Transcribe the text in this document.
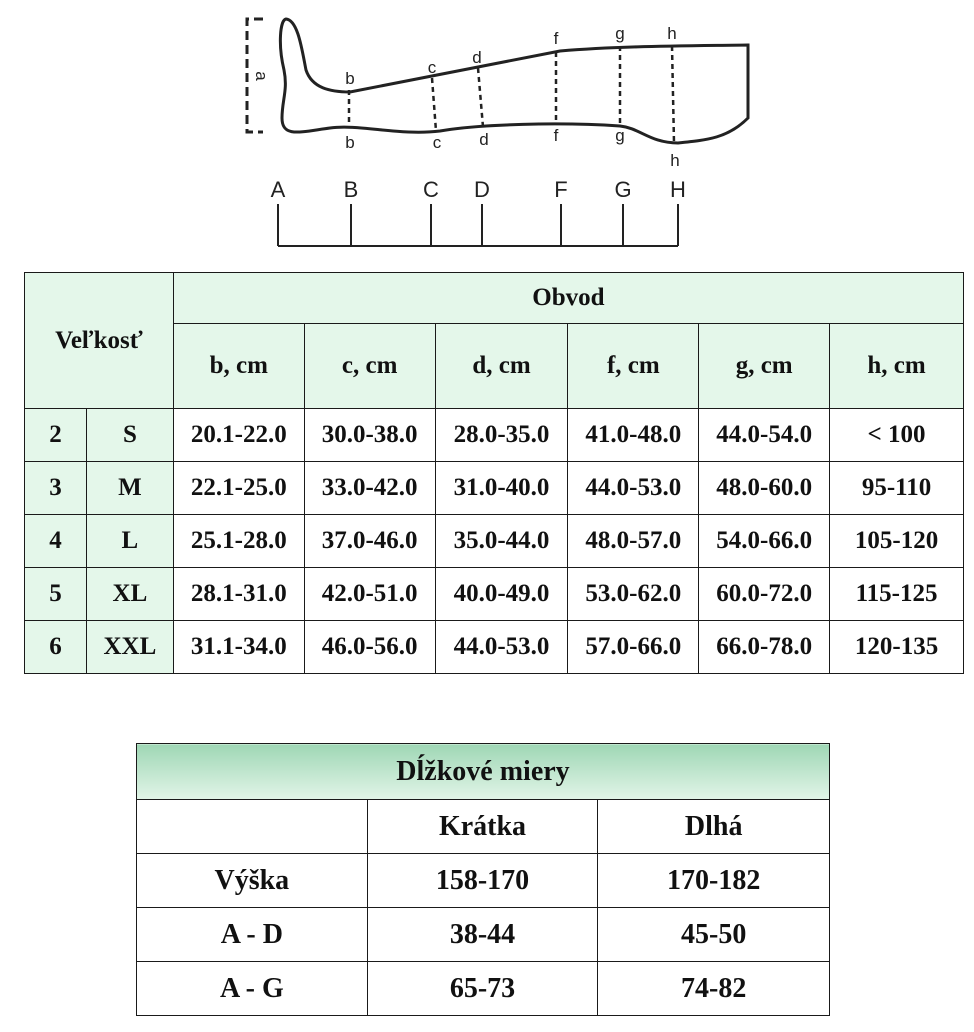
a	b
c
d
f	g	h
b	c d	f	g
h
A	B	C D	F G H
Veľkosť		Obvod					
		b, cm	c, cm	d, cm	f, cm	g, cm	h, cm
2	S	20.1-22.0	30.0-38.0	28.0-35.0	41.0-48.0	44.0-54.0	< 100
3	M	22.1-25.0	33.0-42.0	31.0-40.0	44.0-53.0	48.0-60.0	95-110
4	L	25.1-28.0	37.0-46.0	35.0-44.0	48.0-57.0	54.0-66.0	105-120
5	XL	28.1-31.0	42.0-51.0	40.0-49.0	53.0-62.0	60.0-72.0	115-125
6	XXL	31.1-34.0	46.0-56.0	44.0-53.0	57.0-66.0	66.0-78.0	120-135
Dĺžkové miery		
	Krátka	Dlhá
Výška	158-170	170-182
A - D	38-44	45-50
A - G	65-73	74-82
